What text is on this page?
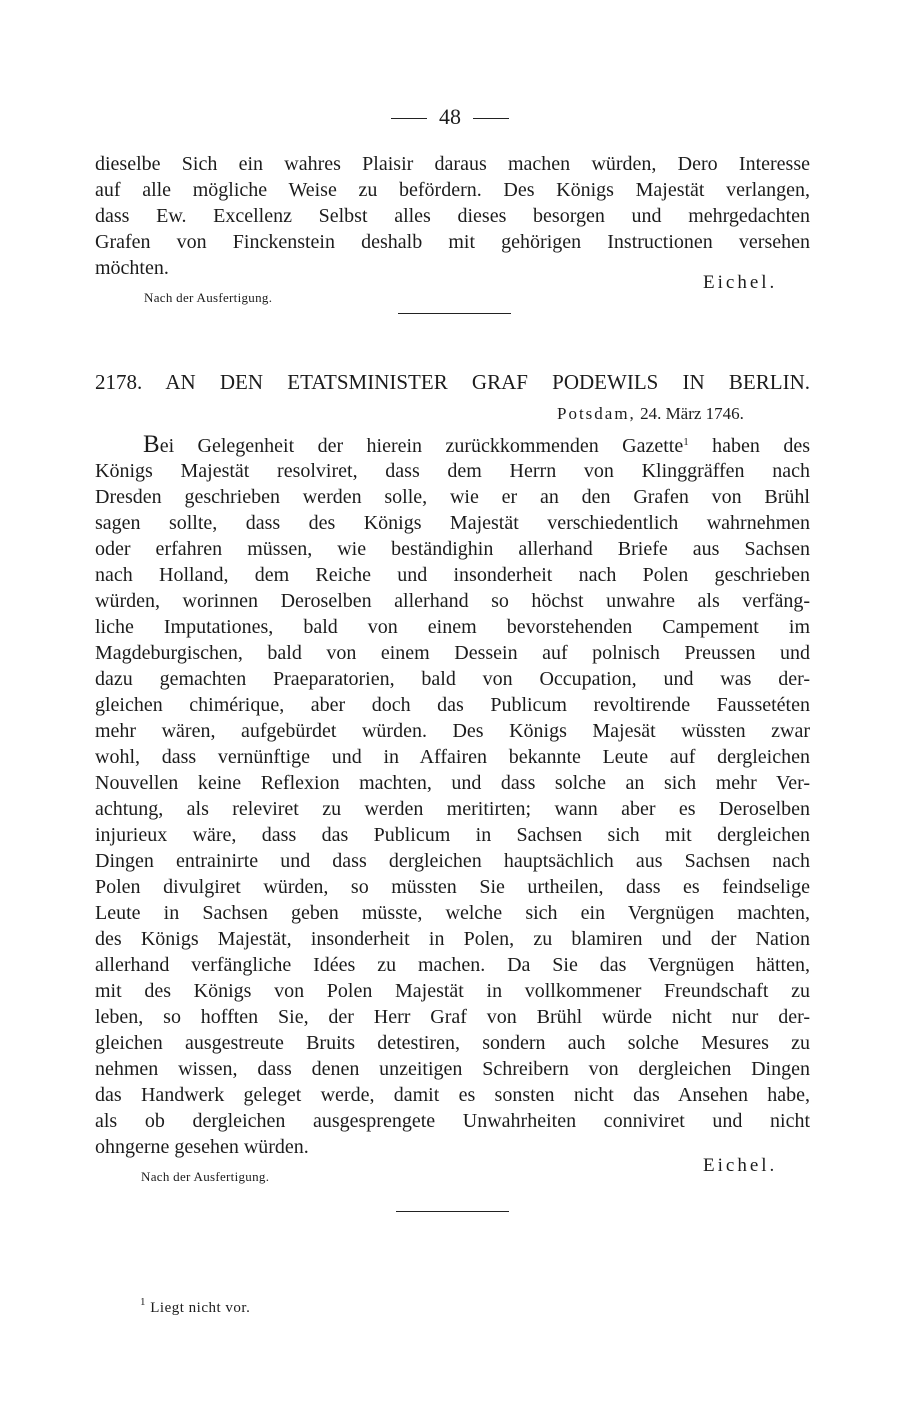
48
dieselbe Sich ein wahres Plaisir daraus machen würden, Dero Interesse
auf alle mögliche Weise zu befördern. Des Königs Majestät verlangen,
dass Ew. Excellenz Selbst alles dieses besorgen und mehrgedachten
Grafen von Finckenstein deshalb mit gehörigen Instructionen versehen
möchten.
Eichel.
Nach der Ausfertigung.
2178. AN DEN ETATSMINISTER GRAF PODEWILS IN BERLIN.
Potsdam, 24. März 1746.
Bei Gelegenheit der hierein zurückkommenden Gazette$^1$ haben des
Königs Majestät resolviret, dass dem Herrn von Klinggräffen nach
Dresden geschrieben werden solle, wie er an den Grafen von Brühl
sagen sollte, dass des Königs Majestät verschiedentlich wahrnehmen
oder erfahren müssen, wie beständighin allerhand Briefe aus Sachsen
nach Holland, dem Reiche und insonderheit nach Polen geschrieben
würden, worinnen Deroselben allerhand so höchst unwahre als verfäng-
liche Imputationes, bald von einem bevorstehenden Campement im
Magdeburgischen, bald von einem Dessein auf polnisch Preussen und
dazu gemachten Praeparatorien, bald von Occupation, und was der-
gleichen chimérique, aber doch das Publicum revoltirende Faussetéten
mehr wären, aufgebürdet würden. Des Königs Majesät wüssten zwar
wohl, dass vernünftige und in Affairen bekannte Leute auf dergleichen
Nouvellen keine Reflexion machten, und dass solche an sich mehr Ver-
achtung, als releviret zu werden meritirten; wann aber es Deroselben
injurieux wäre, dass das Publicum in Sachsen sich mit dergleichen
Dingen entrainirte und dass dergleichen hauptsächlich aus Sachsen nach
Polen divulgiret würden, so müssten Sie urtheilen, dass es feindselige
Leute in Sachsen geben müsste, welche sich ein Vergnügen machten,
des Königs Majestät, insonderheit in Polen, zu blamiren und der Nation
allerhand verfängliche Idées zu machen. Da Sie das Vergnügen hätten,
mit des Königs von Polen Majestät in vollkommener Freundschaft zu
leben, so hofften Sie, der Herr Graf von Brühl würde nicht nur der-
gleichen ausgestreute Bruits detestiren, sondern auch solche Mesures zu
nehmen wissen, dass denen unzeitigen Schreibern von dergleichen Dingen
das Handwerk geleget werde, damit es sonsten nicht das Ansehen habe,
als ob dergleichen ausgesprengete Unwahrheiten conniviret und nicht
ohngerne gesehen würden.
Eichel.
Nach der Ausfertigung.
$^1$ Liegt nicht vor.
